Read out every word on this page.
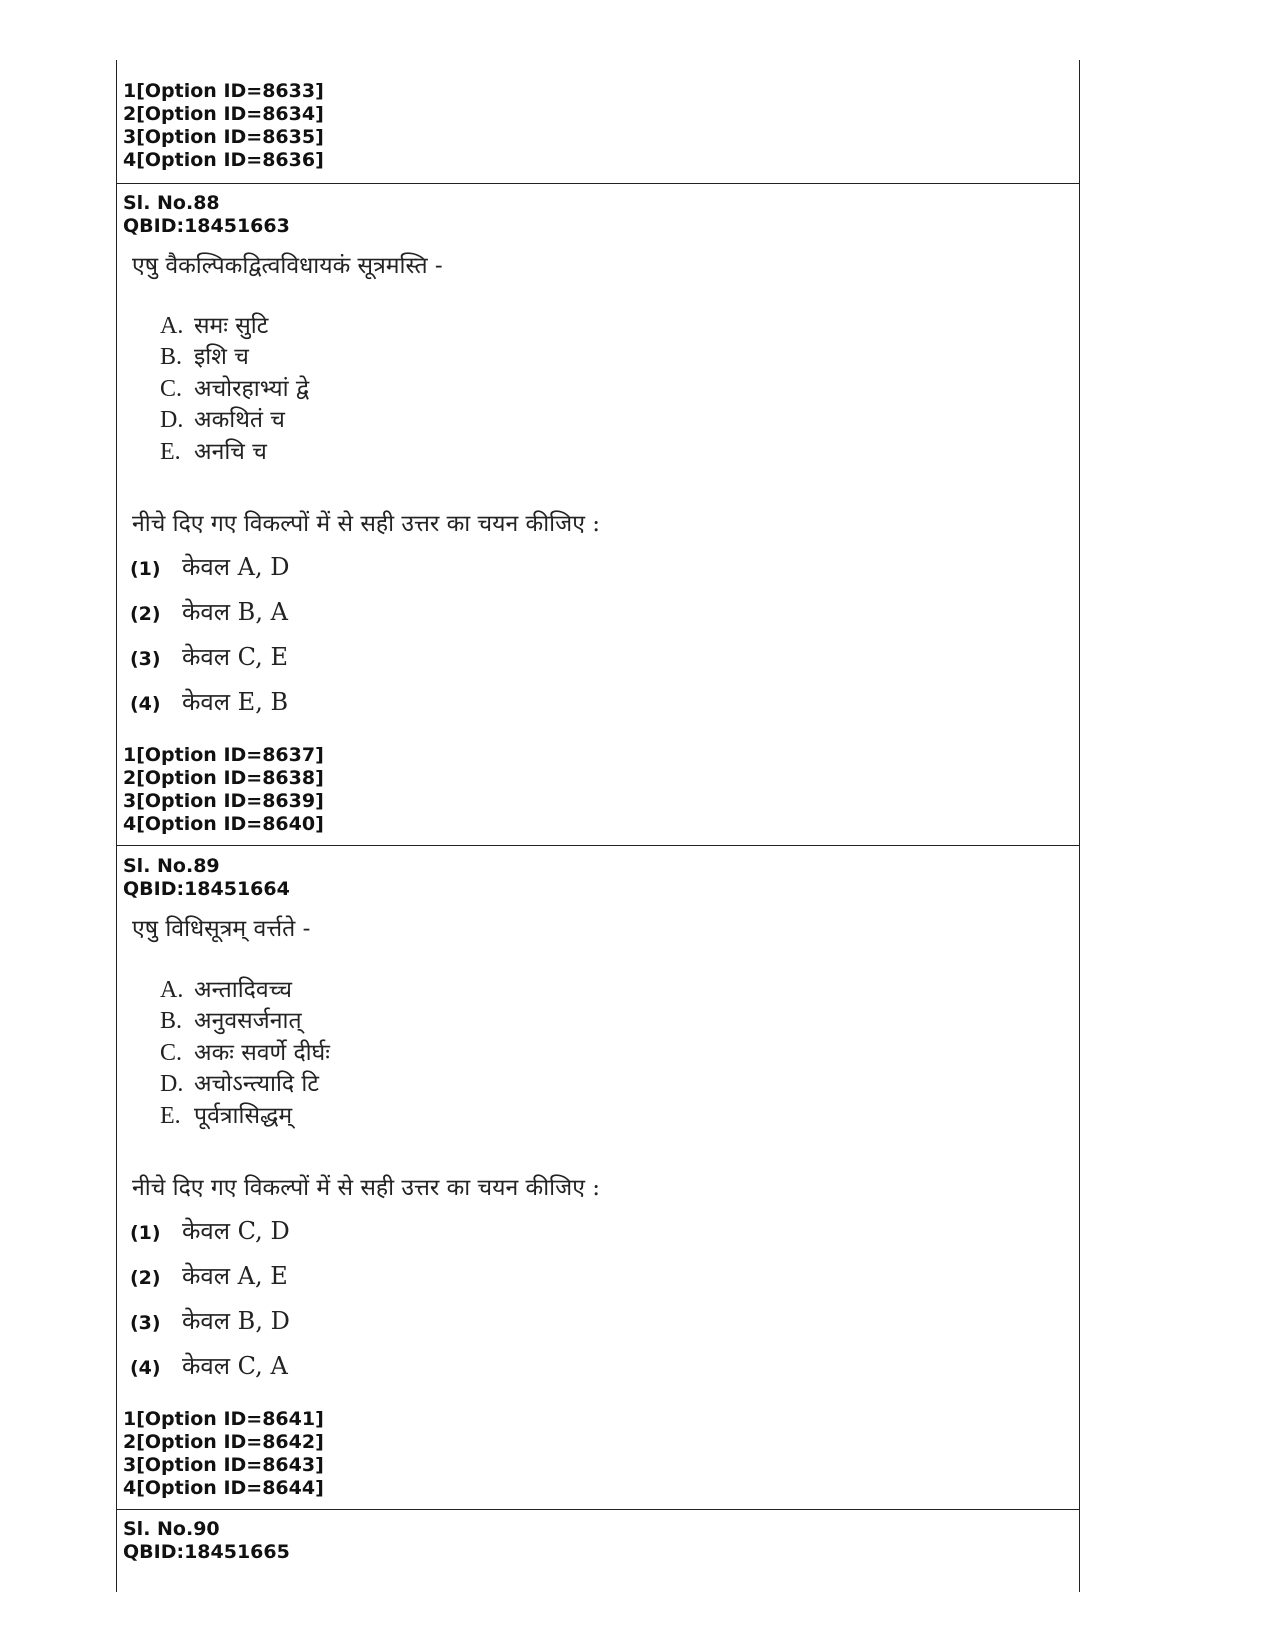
1[Option ID=8633]
2[Option ID=8634]
3[Option ID=8635]
4[Option ID=8636]
Sl. No.88
QBID:18451663
एषु वैकल्पिकद्वित्वविधायकं सूत्रमस्ति -
A. समः सुटि
B. इशि च
C. अचोरहाभ्यां द्वे
D. अकथितं च
E. अनचि च
नीचे दिए गए विकल्पों में से सही उत्तर का चयन कीजिए :
(1) केवल A, D
(2) केवल B, A
(3) केवल C, E
(4) केवल E, B
1[Option ID=8637]
2[Option ID=8638]
3[Option ID=8639]
4[Option ID=8640]
Sl. No.89
QBID:18451664
एषु विधिसूत्रम् वर्त्तते -
A. अन्तादिवच्च
B. अनुवसर्जनात्
C. अकः सवर्णे दीर्घः
D. अचोऽन्त्यादि टि
E. पूर्वत्रासिद्धम्
नीचे दिए गए विकल्पों में से सही उत्तर का चयन कीजिए :
(1) केवल C, D
(2) केवल A, E
(3) केवल B, D
(4) केवल C, A
1[Option ID=8641]
2[Option ID=8642]
3[Option ID=8643]
4[Option ID=8644]
Sl. No.90
QBID:18451665
